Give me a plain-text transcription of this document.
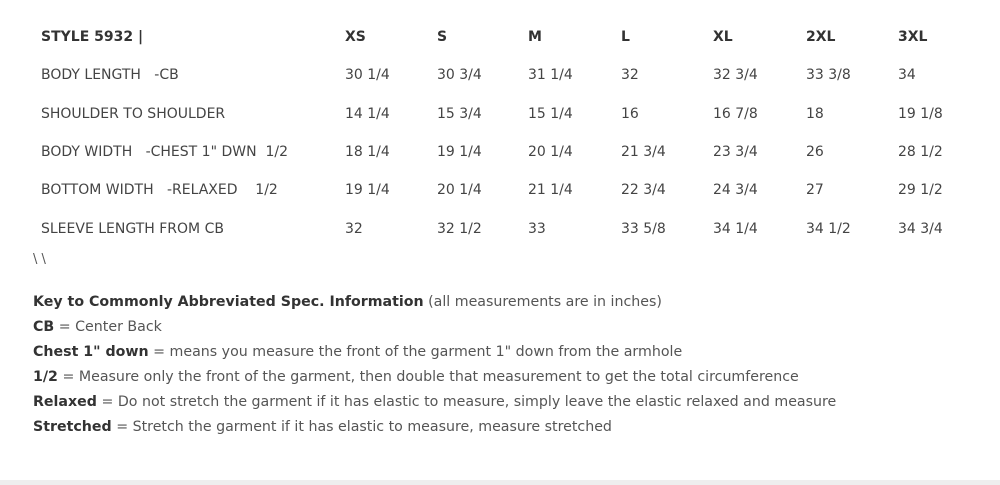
STYLE 5932 |	XS	S	M	L	XL	2XL	3XL
BODY LENGTH   -CB	30 1/4	30 3/4	31 1/4	32	32 3/4	33 3/8	34
SHOULDER TO SHOULDER	14 1/4	15 3/4	15 1/4	16	16 7/8	18	19 1/8
BODY WIDTH   -CHEST 1" DWN  1/2	18 1/4	19 1/4	20 1/4	21 3/4	23 3/4	26	28 1/2
BOTTOM WIDTH   -RELAXED    1/2	19 1/4	20 1/4	21 1/4	22 3/4	24 3/4	27	29 1/2
SLEEVE LENGTH FROM CB	32	32 1/2	33	33 5/8	34 1/4	34 1/2	34 3/4
\ \
Key to Commonly Abbreviated Spec. Information (all measurements are in inches)
CB = Center Back
Chest 1" down = means you measure the front of the garment 1" down from the armhole
1/2 = Measure only the front of the garment, then double that measurement to get the total circumference
Relaxed = Do not stretch the garment if it has elastic to measure, simply leave the elastic relaxed and measure
Stretched = Stretch the garment if it has elastic to measure, measure stretched
